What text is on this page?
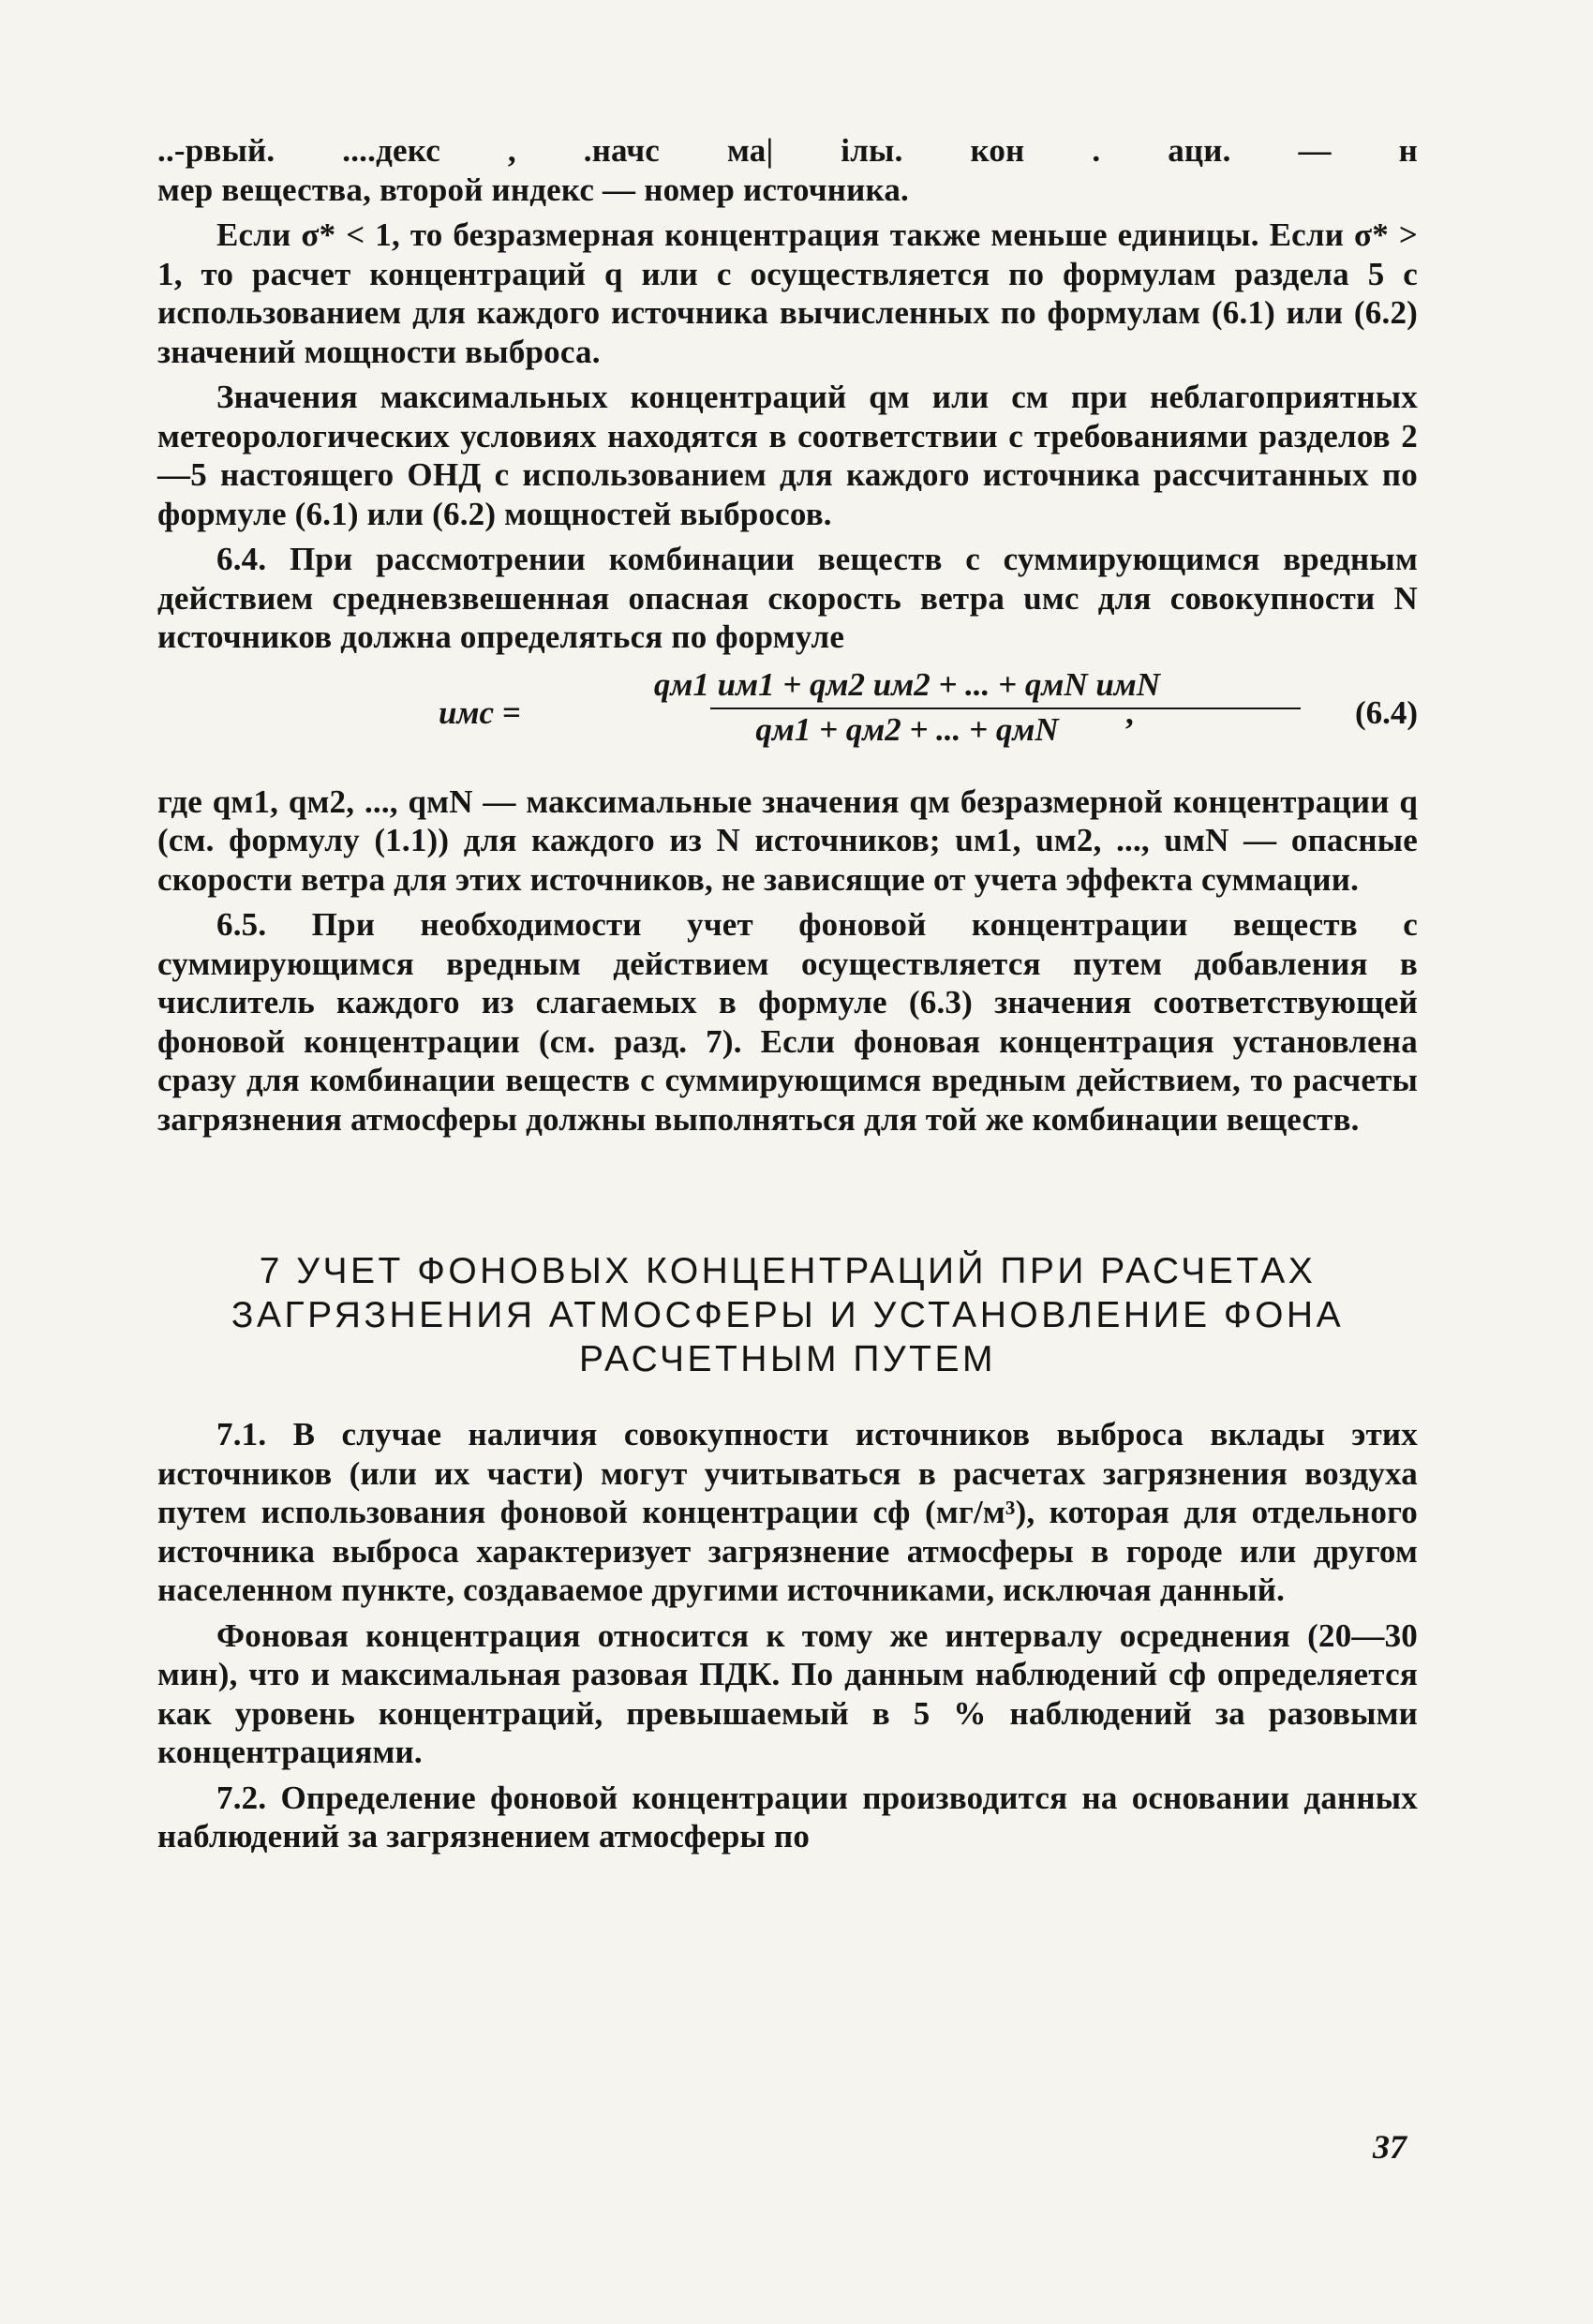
..-рвый. ....декс , .начс ма| ілы. кон . аци. — н
мер вещества, второй индекс — номер источника.

Если σ* < 1, то безразмерная концентрация также меньше единицы. Если σ* > 1, то расчет концентраций q или c осуществляется по формулам раздела 5 с использованием для каждого источника вычисленных по формулам (6.1) или (6.2) значений мощности выброса.

Значения максимальных концентраций qм или cм при неблагоприятных метеорологических условиях находятся в соответствии с требованиями разделов 2—5 настоящего ОНД с использованием для каждого источника рассчитанных по формуле (6.1) или (6.2) мощностей выбросов.

6.4. При рассмотрении комбинации веществ с суммирующимся вредным действием средневзвешенная опасная скорость ветра uмс для совокупности N источников должна определяться по формуле

uмс =
qм1 uм1 + qм2 uм2 + ... + qмN uмN
qм1 + qм2 + ... + qмN	,	(6.4)

где qм1, qм2, ..., qмN — максимальные значения qм безразмерной концентрации q (см. формулу (1.1)) для каждого из N источников; uм1, uм2, ..., uмN — опасные скорости ветра для этих источников, не зависящие от учета эффекта суммации.

6.5. При необходимости учет фоновой концентрации веществ с суммирующимся вредным действием осуществляется путем добавления в числитель каждого из слагаемых в формуле (6.3) значения соответствующей фоновой концентрации (см. разд. 7). Если фоновая концентрация установлена сразу для комбинации веществ с суммирующимся вредным действием, то расчеты загрязнения атмосферы должны выполняться для той же комбинации веществ.

7 УЧЕТ ФОНОВЫХ КОНЦЕНТРАЦИЙ ПРИ РАСЧЕТАХ
ЗАГРЯЗНЕНИЯ АТМОСФЕРЫ И УСТАНОВЛЕНИЕ ФОНА
РАСЧЕТНЫМ ПУТЕМ

7.1. В случае наличия совокупности источников выброса вклады этих источников (или их части) могут учитываться в расчетах загрязнения воздуха путем использования фоновой концентрации cф (мг/м³), которая для отдельного источника выброса характеризует загрязнение атмосферы в городе или другом населенном пункте, создаваемое другими источниками, исключая данный.

Фоновая концентрация относится к тому же интервалу осреднения (20—30 мин), что и максимальная разовая ПДК. По данным наблюдений cф определяется как уровень концентраций, превышаемый в 5 % наблюдений за разовыми концентрациями.

7.2. Определение фоновой концентрации производится на основании данных наблюдений за загрязнением атмосферы по

37
